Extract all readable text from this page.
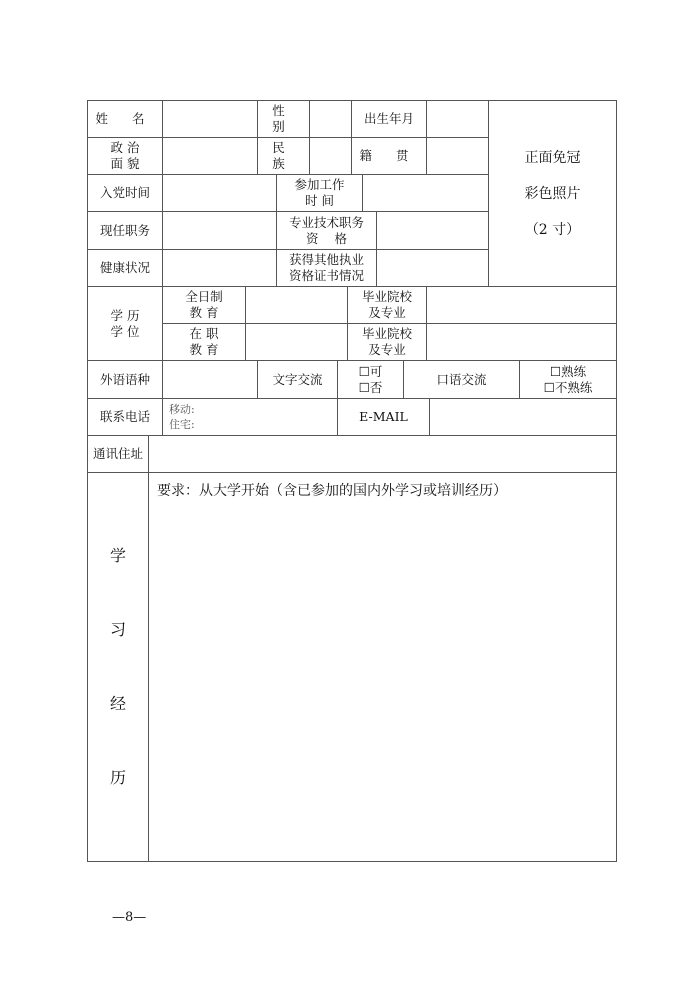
姓 名
性 别
出生年月
正面免冠
彩色照片
（2 寸）
政 治
面 貌
民 族
籍 贯
入党时间
参加工作
时 间
现任职务
专业技术职务
资    格
健康状况
获得其他执业
资格证书情况
学 历
学 位
全日制
教 育
毕业院校
及专业
在 职
教 育
毕业院校
及专业
外语语种	文字交流
☐可
☐否
口语交流
☐熟练
☐不熟练
联系电话	移动:
住宅:
E-MAIL
通讯住址
学
习
经
历
要求：从大学开始（含已参加的国内外学习或培训经历）
—8—
